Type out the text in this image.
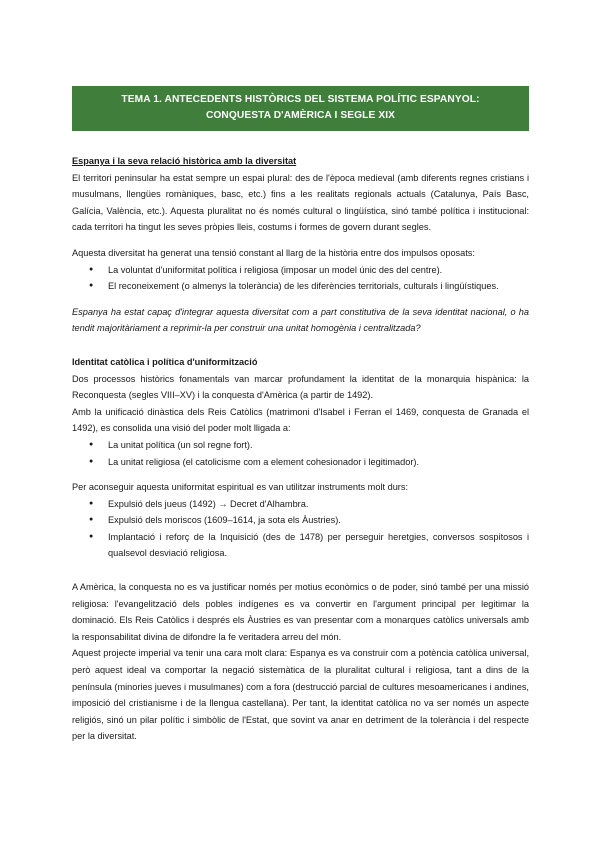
TEMA 1. ANTECEDENTS HISTÒRICS DEL SISTEMA POLÍTIC ESPANYOL:
CONQUESTA D'AMÈRICA I SEGLE XIX
Espanya i la seva relació històrica amb la diversitat

El territori peninsular ha estat sempre un espai plural: des de l'època medieval (amb diferents regnes cristians i musulmans, llengües romàniques, basc, etc.) fins a les realitats regionals actuals (Catalunya, País Basc, Galícia, València, etc.). Aquesta pluralitat no és només cultural o lingüística, sinó també política i institucional: cada territori ha tingut les seves pròpies lleis, costums i formes de govern durant segles.

Aquesta diversitat ha generat una tensió constant al llarg de la història entre dos impulsos oposats:

● La voluntat d'uniformitat política i religiosa (imposar un model únic des del centre).
● El reconeixement (o almenys la tolerància) de les diferències territorials, culturals i lingüístiques.

Espanya ha estat capaç d'integrar aquesta diversitat com a part constitutiva de la seva identitat nacional, o ha tendit majoritàriament a reprimir-la per construir una unitat homogènia i centralitzada?

Identitat catòlica i política d'uniformització

Dos processos històrics fonamentals van marcar profundament la identitat de la monarquia hispànica: la Reconquesta (segles VIII–XV) i la conquesta d'Amèrica (a partir de 1492).

Amb la unificació dinàstica dels Reis Catòlics (matrimoni d'Isabel i Ferran el 1469, conquesta de Granada el 1492), es consolida una visió del poder molt lligada a:

● La unitat política (un sol regne fort).
● La unitat religiosa (el catolicisme com a element cohesionador i legitimador).

Per aconseguir aquesta uniformitat espiritual es van utilitzar instruments molt durs:

● Expulsió dels jueus (1492) → Decret d'Alhambra.
● Expulsió dels moriscos (1609–1614, ja sota els Àustries).
● Implantació i reforç de la Inquisició (des de 1478) per perseguir heretgies, conversos sospitosos i qualsevol desviació religiosa.

A Amèrica, la conquesta no es va justificar només per motius econòmics o de poder, sinó també per una missió religiosa: l'evangelització dels pobles indígenes es va convertir en l'argument principal per legitimar la dominació. Els Reis Catòlics i després els Àustries es van presentar com a monarques catòlics universals amb la responsabilitat divina de difondre la fe veritadera arreu del món.

Aquest projecte imperial va tenir una cara molt clara: Espanya es va construir com a potència catòlica universal, però aquest ideal va comportar la negació sistemàtica de la pluralitat cultural i religiosa, tant a dins de la península (minories jueves i musulmanes) com a fora (destrucció parcial de cultures mesoamericanes i andines, imposició del cristianisme i de la llengua castellana). Per tant, la identitat catòlica no va ser només un aspecte religiós, sinó un pilar polític i simbòlic de l'Estat, que sovint va anar en detriment de la tolerància i del respecte per la diversitat.
